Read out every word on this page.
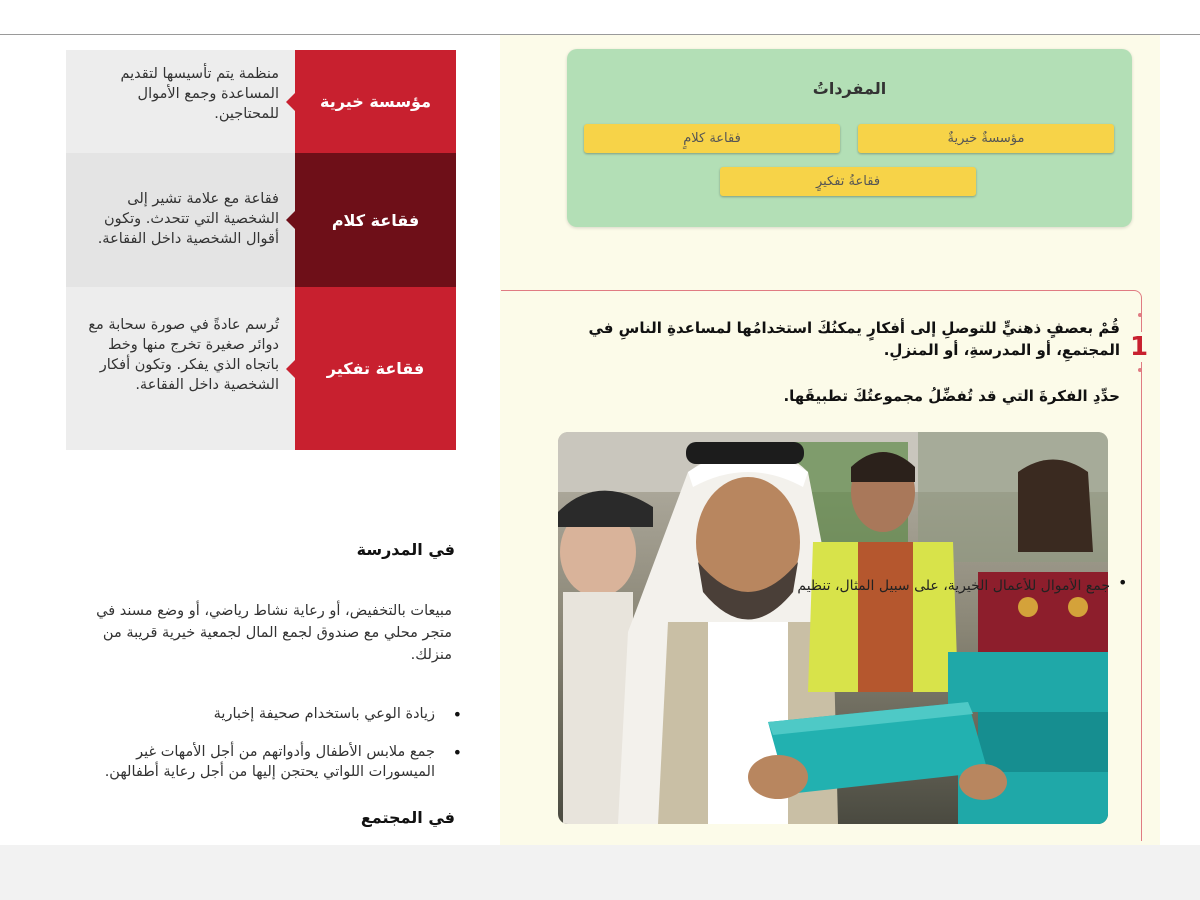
منظمة يتم تأسيسها لتقديم المساعدة وجمع الأموال للمحتاجين.
مؤسسة خيرية
فقاعة مع علامة تشير إلى الشخصية التي تتحدث. وتكون أقوال الشخصية داخل الفقاعة.
فقاعة كلام
تُرسم عادةً في صورة سحابة مع دوائر صغيرة تخرج منها وخط باتجاه الذي يفكر. وتكون أفكار الشخصية داخل الفقاعة.
فقاعة تفكير
في المدرسة
مبيعات بالتخفيض، أو رعاية نشاط رياضي، أو وضع مسند في متجر محلي مع صندوق لجمع المال لجمعية خيرية قريبة من منزلك.
•
زيادة الوعي باستخدام صحيفة إخبارية
•
جمع ملابس الأطفال وأدواتهم من أجل الأمهات غير الميسورات اللواتي يحتجن إليها من أجل رعاية أطفالهن.
في المجتمع
المفرداتُ
مؤسسةٌ خيريةٌ
فقاعة كلامٍ
فقاعةُ تفكيرٍ
1
قُمْ بعصفٍ ذهنيٍّ للتوصلِ إلى أفكارٍ يمكنُكَ استخدامُها لمساعدةِ الناسِ في المجتمعِ، أو المدرسةِ، أو المنزلِ.
حدِّدِ الفكرةَ التي قد تُفضِّلُ مجموعتُكَ تطبيقَها.
•
جمع الأموال للأعمال الخيرية، على سبيل المثال، تنظيم
